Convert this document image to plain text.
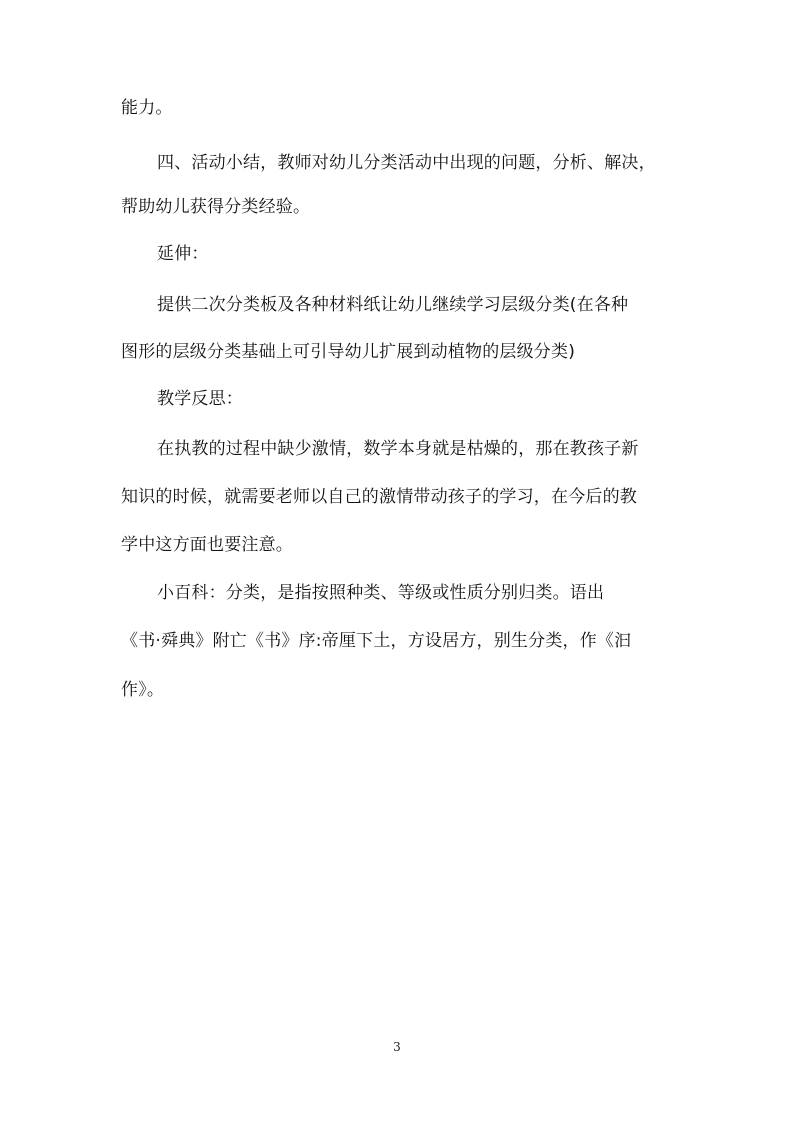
能力。
四、活动小结，教师对幼儿分类活动中出现的问题，分析、解决，
帮助幼儿获得分类经验。
延伸：
提供二次分类板及各种材料纸让幼儿继续学习层级分类(在各种
图形的层级分类基础上可引导幼儿扩展到动植物的层级分类)
教学反思：
在执教的过程中缺少激情，数学本身就是枯燥的，那在教孩子新
知识的时候，就需要老师以自己的激情带动孩子的学习，在今后的教
学中这方面也要注意。
小百科：分类，是指按照种类、等级或性质分别归类。语出
《书·舜典》附亡《书》序:帝厘下土，方设居方，别生分类，作《汩
作》。
3
